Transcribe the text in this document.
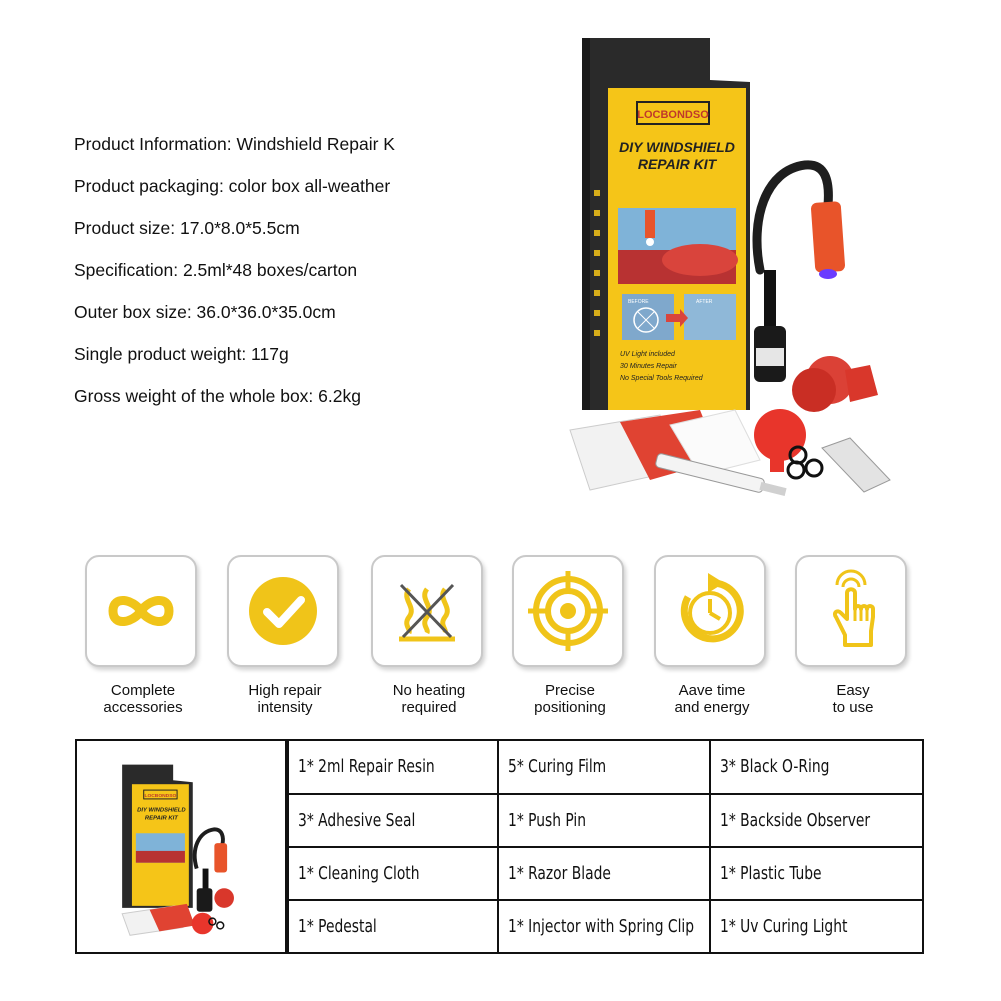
Product Information: Windshield Repair K
Product packaging: color box all-weather
Product size: 17.0*8.0*5.5cm
Specification: 2.5ml*48 boxes/carton
Outer box size: 36.0*36.0*35.0cm
Single product weight: 117g
Gross weight of the whole box: 6.2kg
LOCBONDSO
DIY WINDSHIELD
REPAIR KIT
BEFORE	AFTER
UV Light included
30 Minutes Repair
No Special Tools Required
Complete
accessories
High repair
intensity
No heating
required
Precise
positioning
Aave time
and energy
Easy
to use
LOCBONDSO
DIY WINDSHIELD
REPAIR KIT
1* 2ml Repair Resin	5* Curing Film	3* Black O-Ring
3* Adhesive Seal	1* Push Pin	1* Backside Observer
1* Cleaning Cloth	1* Razor Blade	1* Plastic Tube
1* Pedestal	1* Injector with Spring Clip 1* Uv Curing Light
